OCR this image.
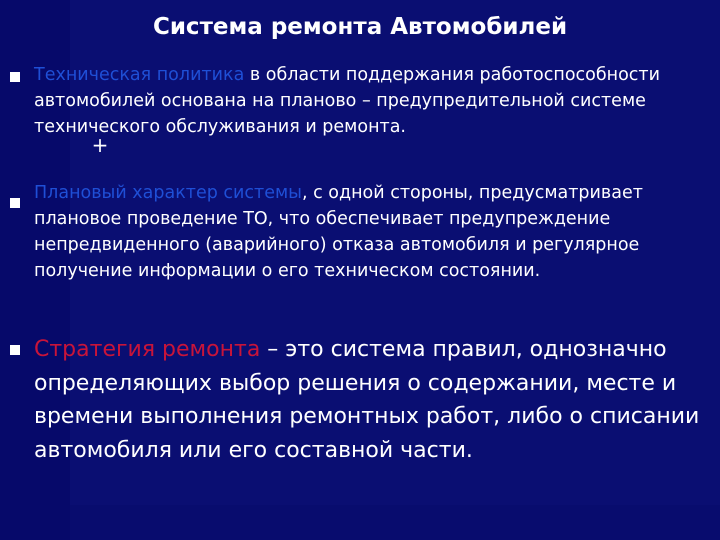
Система ремонта Автомобилей

Техническая политика в области поддержания работоспособности автомобилей основана на планово – предупредительной системе технического обслуживания и ремонта.

Плановый характер системы, с одной стороны, предусматривает плановое проведение ТО, что обеспечивает предупреждение непредвиденного (аварийного) отказа автомобиля и регулярное получение информации о его техническом состоянии.

Стратегия ремонта – это система правил, однозначно определяющих выбор решения о содержании, месте и времени выполнения ремонтных работ, либо о списании автомобиля или его составной части.

+
